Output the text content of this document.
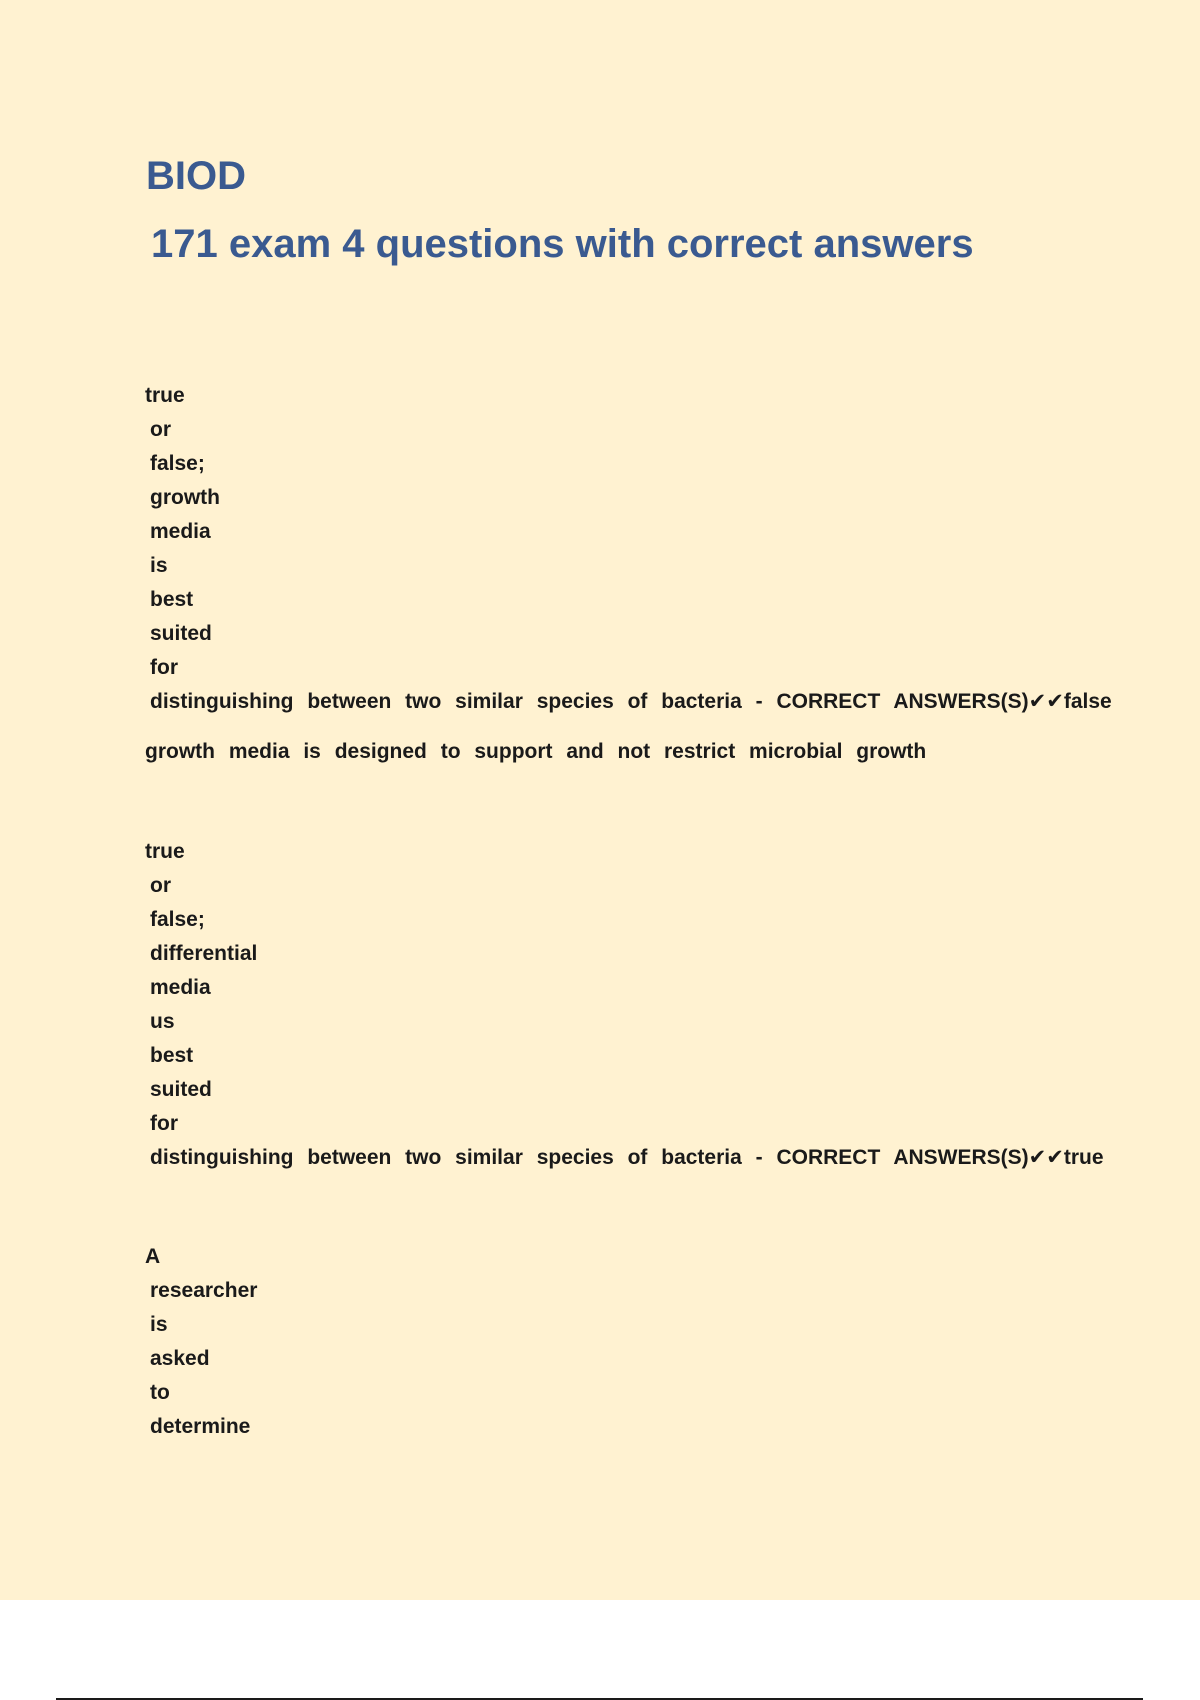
BIOD
171 exam 4 questions with correct answers
true
or
false;
growth
media
is
best
suited
for
distinguishing between two similar species of bacteria - CORRECT ANSWERS(S)✔✔false
growth media is designed to support and not restrict microbial growth
true
or
false;
differential
media
us
best
suited
for
distinguishing between two similar species of bacteria - CORRECT ANSWERS(S)✔✔true
A
researcher
is
asked
to
determine
